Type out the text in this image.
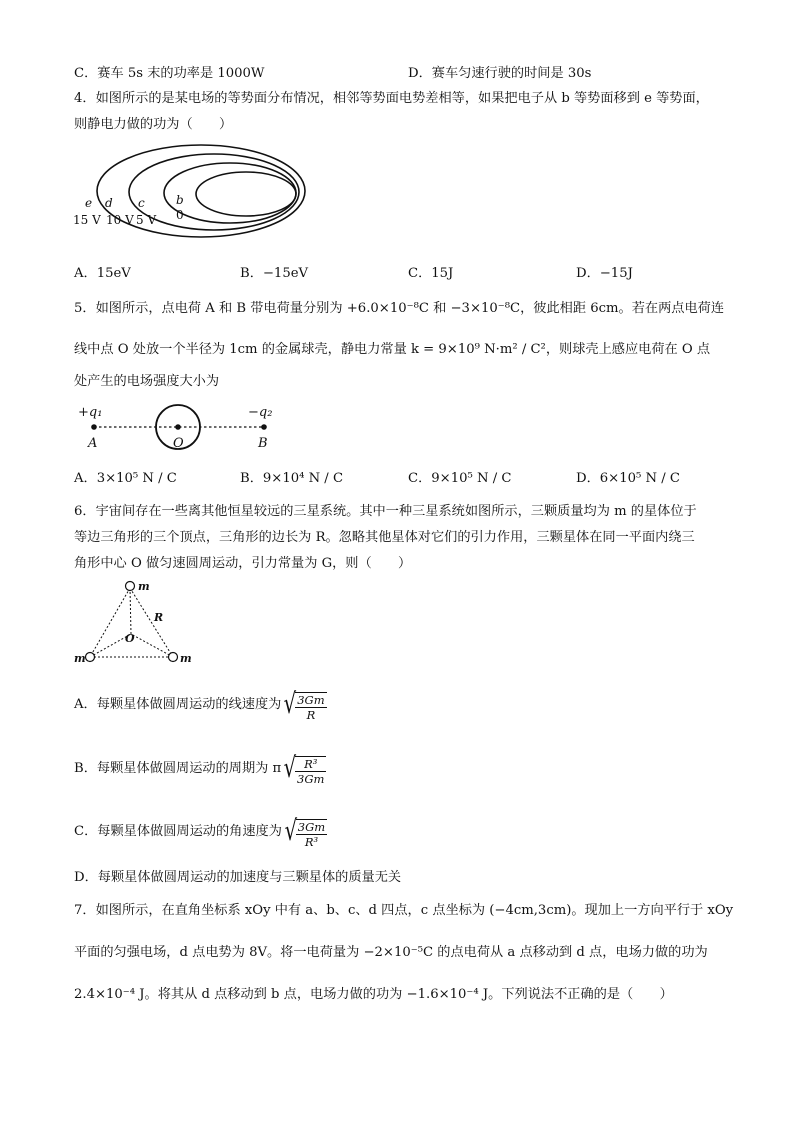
C．赛车 5s 末的功率是 1000W	D．赛车匀速行驶的时间是 30s
4．如图所示的是某电场的等势面分布情况，相邻等势面电势差相等，如果把电子从 b 等势面移到 e 等势面，
则静电力做的功为（　　）
e d c	b
15 V 10 V 5 V 0
A．15eV	B．−15eV	C．15J	D．−15J
5．如图所示，点电荷 A 和 B 带电荷量分别为 +6.0×10⁻⁸C 和 −3×10⁻⁸C，彼此相距 6cm。若在两点电荷连
线中点 O 处放一个半径为 1cm 的金属球壳，静电力常量 k = 9×10⁹ N·m² / C²，则球壳上感应电荷在 O 点
处产生的电场强度大小为
+q₁	−q₂
A	O	B
A．3×10⁵ N / C	B．9×10⁴ N / C	C．9×10⁵ N / C	D．6×10⁵ N / C
6．宇宙间存在一些离其他恒星较远的三星系统。其中一种三星系统如图所示，三颗质量均为 m 的星体位于
等边三角形的三个顶点，三角形的边长为 R。忽略其他星体对它们的引力作用，三颗星体在同一平面内绕三
角形中心 O 做匀速圆周运动，引力常量为 G，则（　　）
m
m	m
R
O
A．每颗星体做圆周运动的线速度为 √
$\frac{3Gm}{R}$
B．每颗星体做圆周运动的周期为 π √
$\frac{\text{R³}}{3Gm}$
C．每颗星体做圆周运动的角速度为 √
$\frac{3Gm}{\text{R³}}$
D．每颗星体做圆周运动的加速度与三颗星体的质量无关
7．如图所示，在直角坐标系 xOy 中有 a、b、c、d 四点，c 点坐标为 (−4cm,3cm)。现加上一方向平行于 xOy
平面的匀强电场，d 点电势为 8V。将一电荷量为 −2×10⁻⁵C 的点电荷从 a 点移动到 d 点，电场力做的功为
2.4×10⁻⁴ J。将其从 d 点移动到 b 点，电场力做的功为 −1.6×10⁻⁴ J。下列说法不正确的是（　　）
